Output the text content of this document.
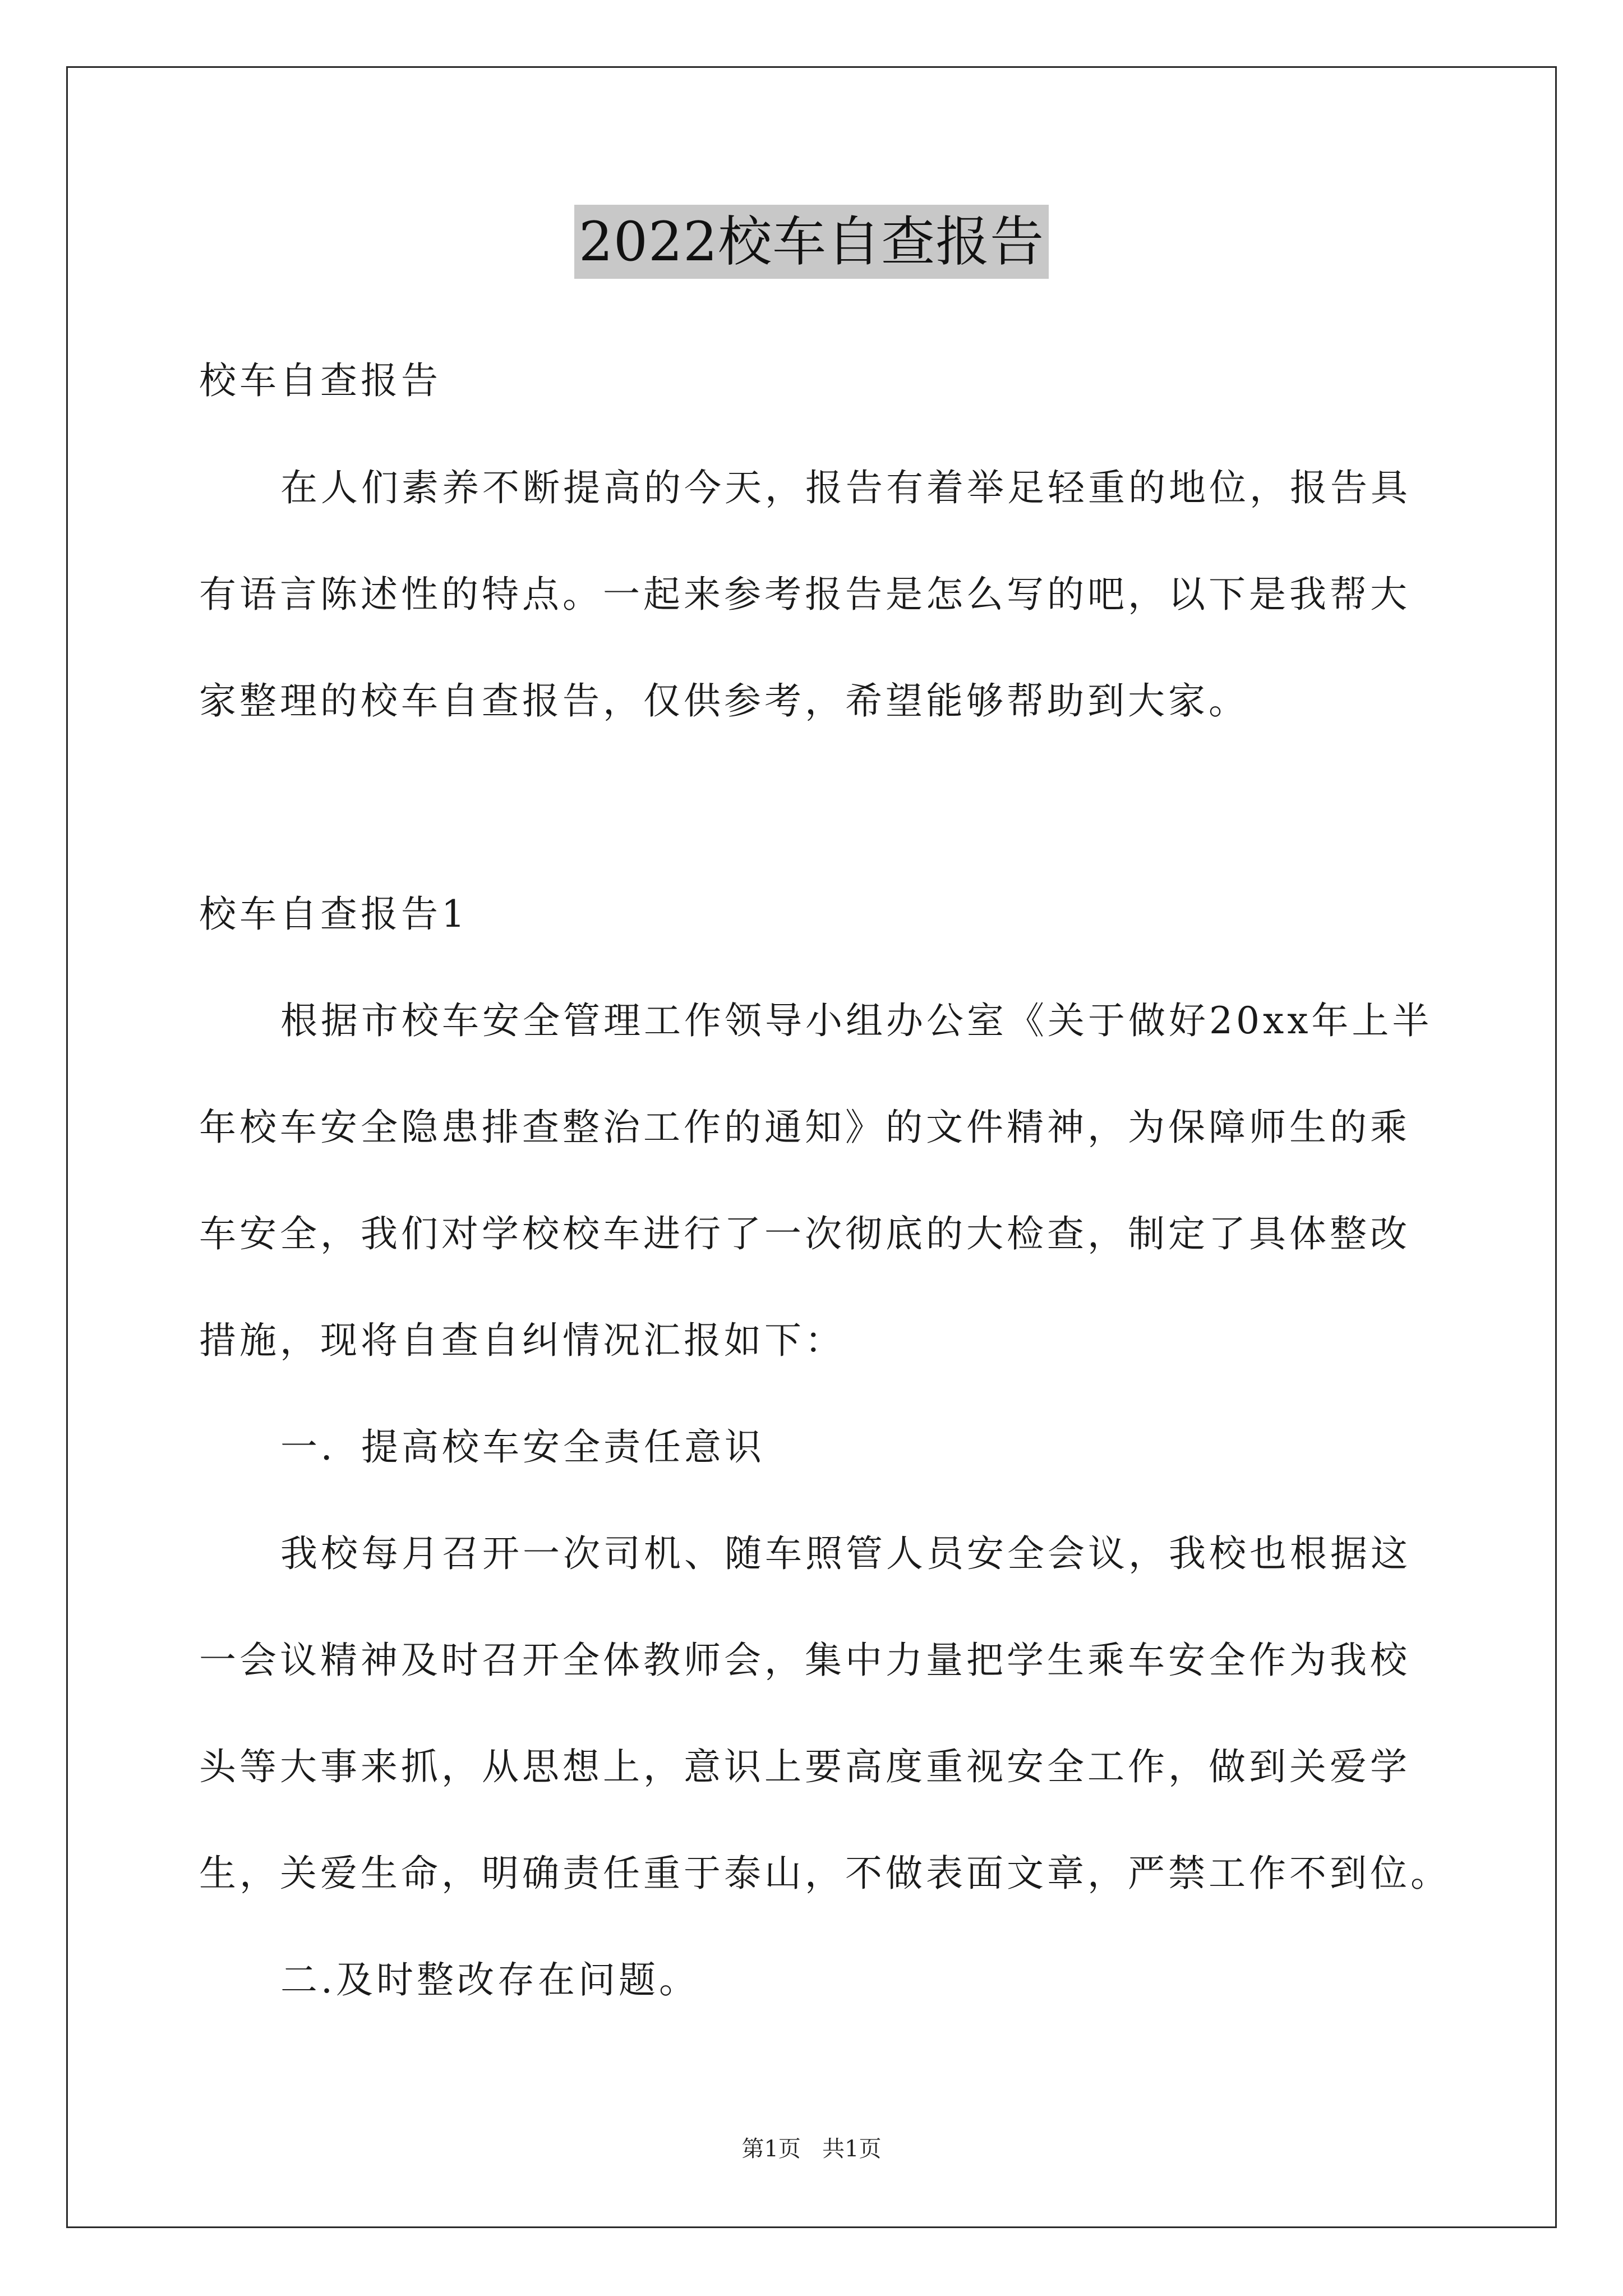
2022校车自查报告
校车自查报告
在人们素养不断提高的今天，报告有着举足轻重的地位，报告具
有语言陈述性的特点。一起来参考报告是怎么写的吧，以下是我帮大
家整理的校车自查报告，仅供参考，希望能够帮助到大家。
校车自查报告1
根据市校车安全管理工作领导小组办公室《关于做好20xx年上半
年校车安全隐患排查整治工作的通知》的文件精神，为保障师生的乘
车安全，我们对学校校车进行了一次彻底的大检查，制定了具体整改
措施，现将自查自纠情况汇报如下：
一．提高校车安全责任意识
我校每月召开一次司机、随车照管人员安全会议，我校也根据这
一会议精神及时召开全体教师会，集中力量把学生乘车安全作为我校
头等大事来抓，从思想上，意识上要高度重视安全工作，做到关爱学
生，关爱生命，明确责任重于泰山，不做表面文章，严禁工作不到位。
二.及时整改存在问题。
第1页   共1页
